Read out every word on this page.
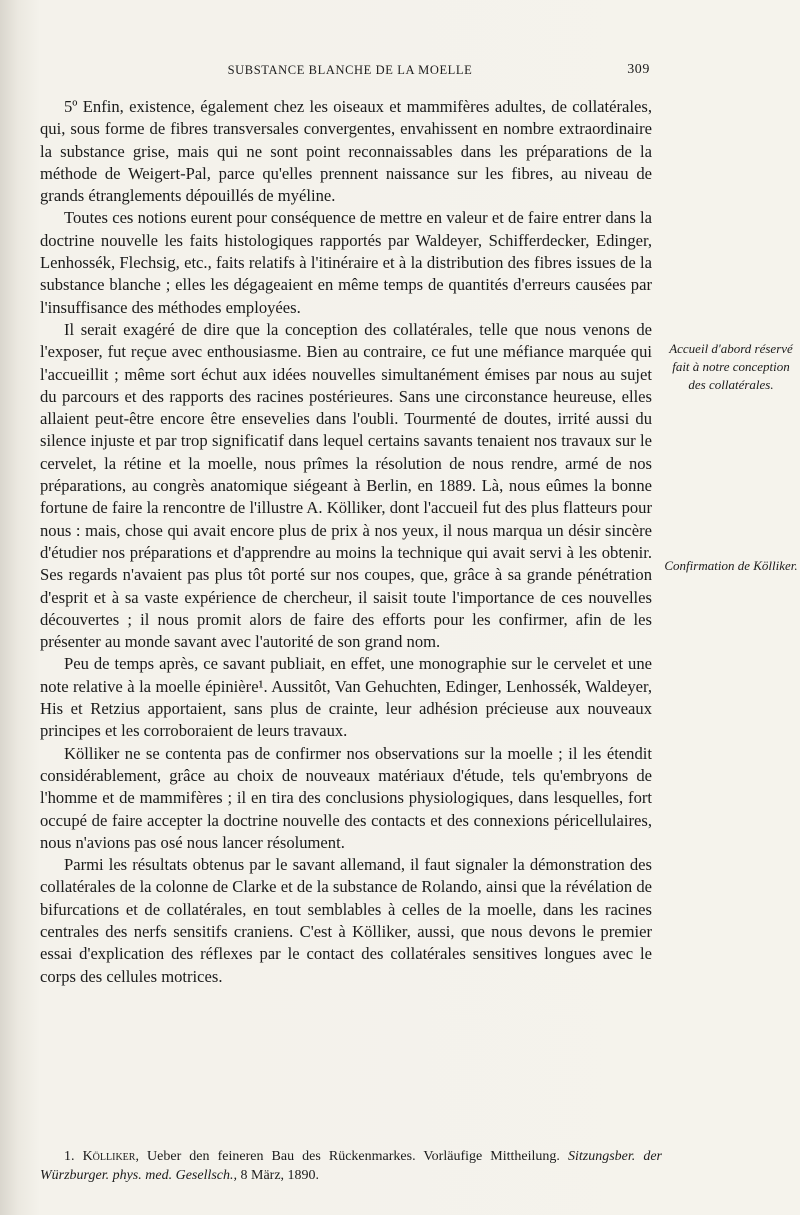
SUBSTANCE BLANCHE DE LA MOELLE	309

5º Enfin, existence, également chez les oiseaux et mammifères adultes, de collatérales, qui, sous forme de fibres transversales convergentes, envahissent en nombre extraordinaire la substance grise, mais qui ne sont point reconnaissables dans les préparations de la méthode de Weigert-Pal, parce qu'elles prennent naissance sur les fibres, au niveau de grands étranglements dépouillés de myéline.

Toutes ces notions eurent pour conséquence de mettre en valeur et de faire entrer dans la doctrine nouvelle les faits histologiques rapportés par Waldeyer, Schifferdecker, Edinger, Lenhossék, Flechsig, etc., faits relatifs à l'itinéraire et à la distribution des fibres issues de la substance blanche ; elles les dégageaient en même temps de quantités d'erreurs causées par l'insuffisance des méthodes employées.

Il serait exagéré de dire que la conception des collatérales, telle que nous venons de l'exposer, fut reçue avec enthousiasme. Bien au contraire, ce fut une méfiance marquée qui l'accueillit ; même sort échut aux idées nouvelles simultanément émises par nous au sujet du parcours et des rapports des racines postérieures. Sans une circonstance heureuse, elles allaient peut-être encore être ensevelies dans l'oubli. Tourmenté de doutes, irrité aussi du silence injuste et par trop significatif dans lequel certains savants tenaient nos travaux sur le cervelet, la rétine et la moelle, nous prîmes la résolution de nous rendre, armé de nos préparations, au congrès anatomique siégeant à Berlin, en 1889. Là, nous eûmes la bonne fortune de faire la rencontre de l'illustre A. Kölliker, dont l'accueil fut des plus flatteurs pour nous : mais, chose qui avait encore plus de prix à nos yeux, il nous marqua un désir sincère d'étudier nos préparations et d'apprendre au moins la technique qui avait servi à les obtenir. Ses regards n'avaient pas plus tôt porté sur nos coupes, que, grâce à sa grande pénétration d'esprit et à sa vaste expérience de chercheur, il saisit toute l'importance de ces nouvelles découvertes ; il nous promit alors de faire des efforts pour les confirmer, afin de les présenter au monde savant avec l'autorité de son grand nom.

Peu de temps après, ce savant publiait, en effet, une monographie sur le cervelet et une note relative à la moelle épinière¹. Aussitôt, Van Gehuchten, Edinger, Lenhossék, Waldeyer, His et Retzius apportaient, sans plus de crainte, leur adhésion précieuse aux nouveaux principes et les corroboraient de leurs travaux.

Kölliker ne se contenta pas de confirmer nos observations sur la moelle ; il les étendit considérablement, grâce au choix de nouveaux matériaux d'étude, tels qu'embryons de l'homme et de mammifères ; il en tira des conclusions physiologiques, dans lesquelles, fort occupé de faire accepter la doctrine nouvelle des contacts et des connexions péricellulaires, nous n'avions pas osé nous lancer résolument.

Parmi les résultats obtenus par le savant allemand, il faut signaler la démonstration des collatérales de la colonne de Clarke et de la substance de Rolando, ainsi que la révélation de bifurcations et de collatérales, en tout semblables à celles de la moelle, dans les racines centrales des nerfs sensitifs craniens. C'est à Kölliker, aussi, que nous devons le premier essai d'explication des réflexes par le contact des collatérales sensitives longues avec le corps des cellules motrices.

Accueil d'abord réservé fait à notre conception des collatérales.
Confirmation de Kölliker.

1. Kölliker, Ueber den feineren Bau des Rückenmarkes. Vorläufige Mittheilung. Sitzungsber. der Würzburger. phys. med. Gesellsch., 8 März, 1890.
